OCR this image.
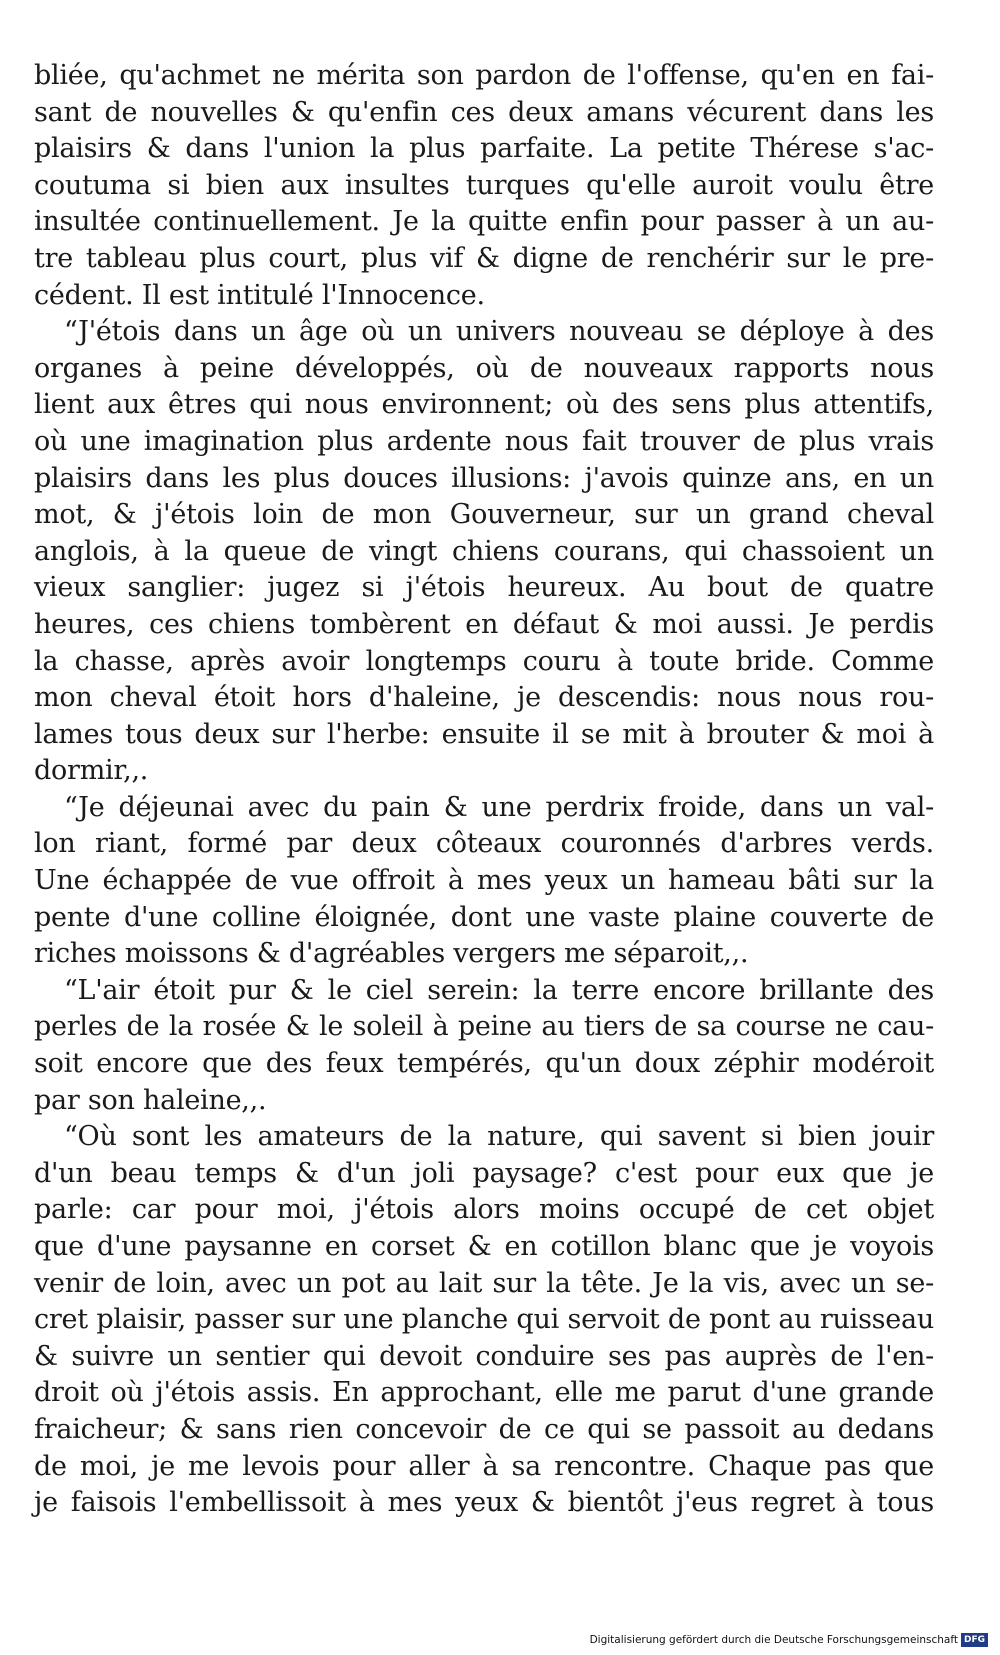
bliée, qu'achmet ne mérita son pardon de l'offense, qu'en en fai-
sant de nouvelles & qu'enfin ces deux amans vécurent dans les
plaisirs & dans l'union la plus parfaite. La petite Thérese s'ac-
coutuma si bien aux insultes turques qu'elle auroit voulu être
insultée continuellement. Je la quitte enfin pour passer à un au-
tre tableau plus court, plus vif & digne de renchérir sur le pre-
cédent. Il est intitulé l'Innocence.
“J'étois dans un âge où un univers nouveau se déploye à des
organes à peine développés, où de nouveaux rapports nous
lient aux êtres qui nous environnent; où des sens plus attentifs,
où une imagination plus ardente nous fait trouver de plus vrais
plaisirs dans les plus douces illusions: j'avois quinze ans, en un
mot, & j'étois loin de mon Gouverneur, sur un grand cheval
anglois, à la queue de vingt chiens courans, qui chassoient un
vieux sanglier: jugez si j'étois heureux. Au bout de quatre
heures, ces chiens tombèrent en défaut & moi aussi. Je perdis
la chasse, après avoir longtemps couru à toute bride. Comme
mon cheval étoit hors d'haleine, je descendis: nous nous rou-
lames tous deux sur l'herbe: ensuite il se mit à brouter & moi à
dormir,,.
“Je déjeunai avec du pain & une perdrix froide, dans un val-
lon riant, formé par deux côteaux couronnés d'arbres verds.
Une échappée de vue offroit à mes yeux un hameau bâti sur la
pente d'une colline éloignée, dont une vaste plaine couverte de
riches moissons & d'agréables vergers me séparoit,,.
“L'air étoit pur & le ciel serein: la terre encore brillante des
perles de la rosée & le soleil à peine au tiers de sa course ne cau-
soit encore que des feux tempérés, qu'un doux zéphir modéroit
par son haleine,,.
“Où sont les amateurs de la nature, qui savent si bien jouir
d'un beau temps & d'un joli paysage? c'est pour eux que je
parle: car pour moi, j'étois alors moins occupé de cet objet
que d'une paysanne en corset & en cotillon blanc que je voyois
venir de loin, avec un pot au lait sur la tête. Je la vis, avec un se-
cret plaisir, passer sur une planche qui servoit de pont au ruisseau
& suivre un sentier qui devoit conduire ses pas auprès de l'en-
droit où j'étois assis. En approchant, elle me parut d'une grande
fraicheur; & sans rien concevoir de ce qui se passoit au dedans
de moi, je me levois pour aller à sa rencontre. Chaque pas que
je faisois l'embellissoit à mes yeux & bientôt j'eus regret à tous
Digitalisierung gefördert durch die Deutsche Forschungsgemeinschaft DFG
